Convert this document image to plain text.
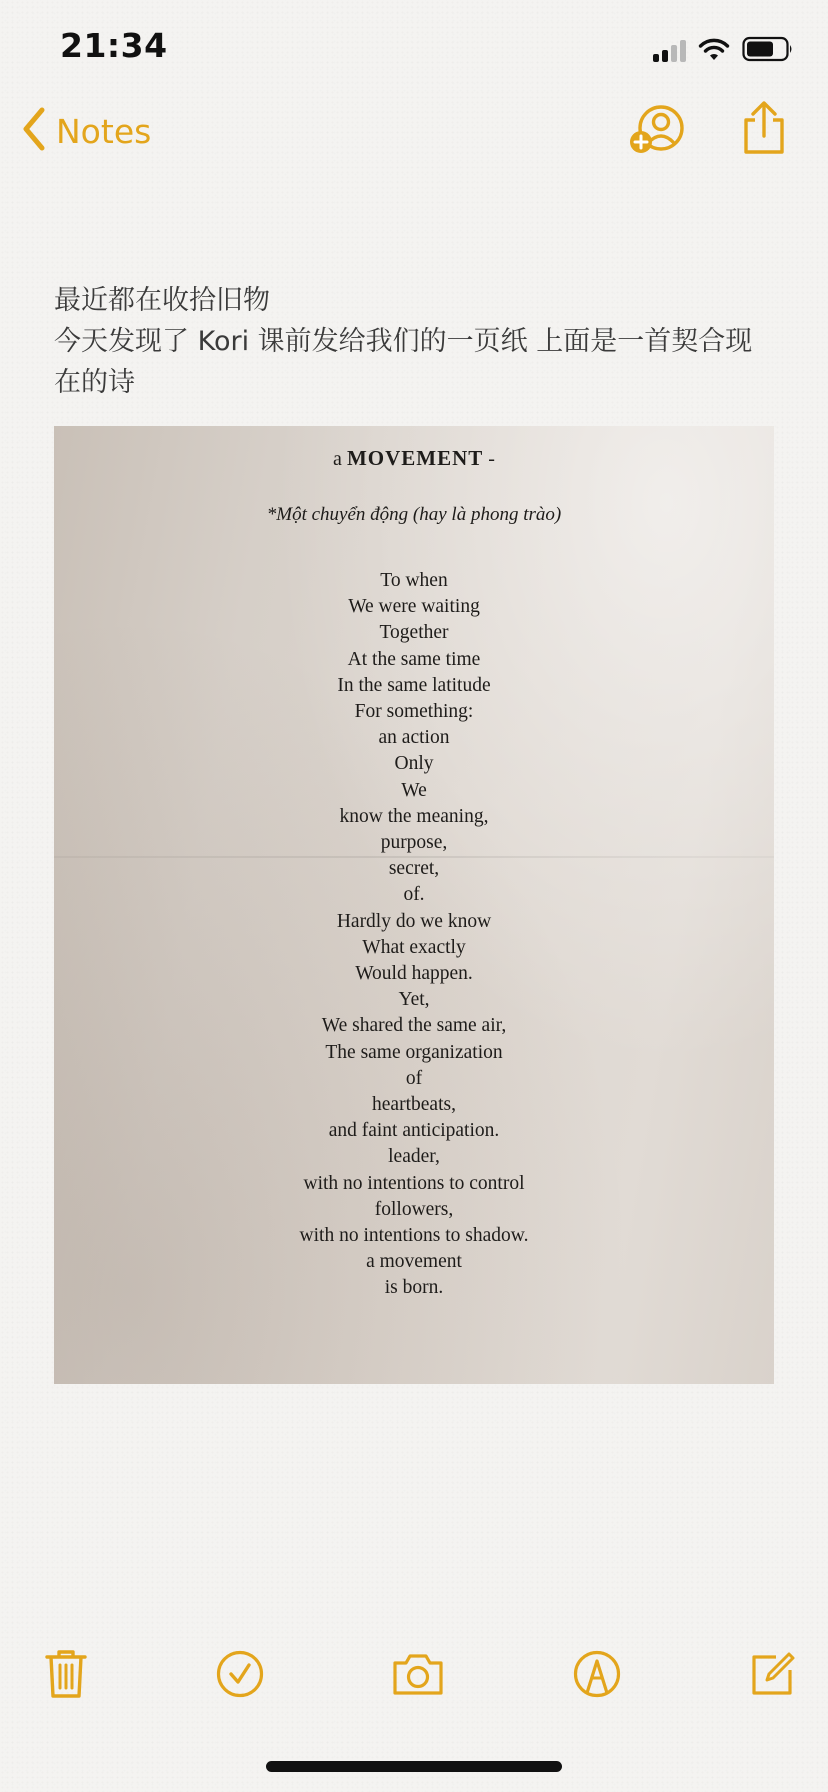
21:34
Notes
最近都在收拾旧物
今天发现了 Kori 课前发给我们的一页纸 上面是一首契合现在的诗
a MOVEMENT -
*Một chuyển động (hay là phong trào)
To when
We were waiting
Together
At the same time
In the same latitude
For something:
an action
Only
We
know the meaning,
purpose,
secret,
of.
Hardly do we know
What exactly
Would happen.
Yet,
We shared the same air,
The same organization
of
heartbeats,
and faint anticipation.
leader,
with no intentions to control
followers,
with no intentions to shadow.
a movement
is born.
